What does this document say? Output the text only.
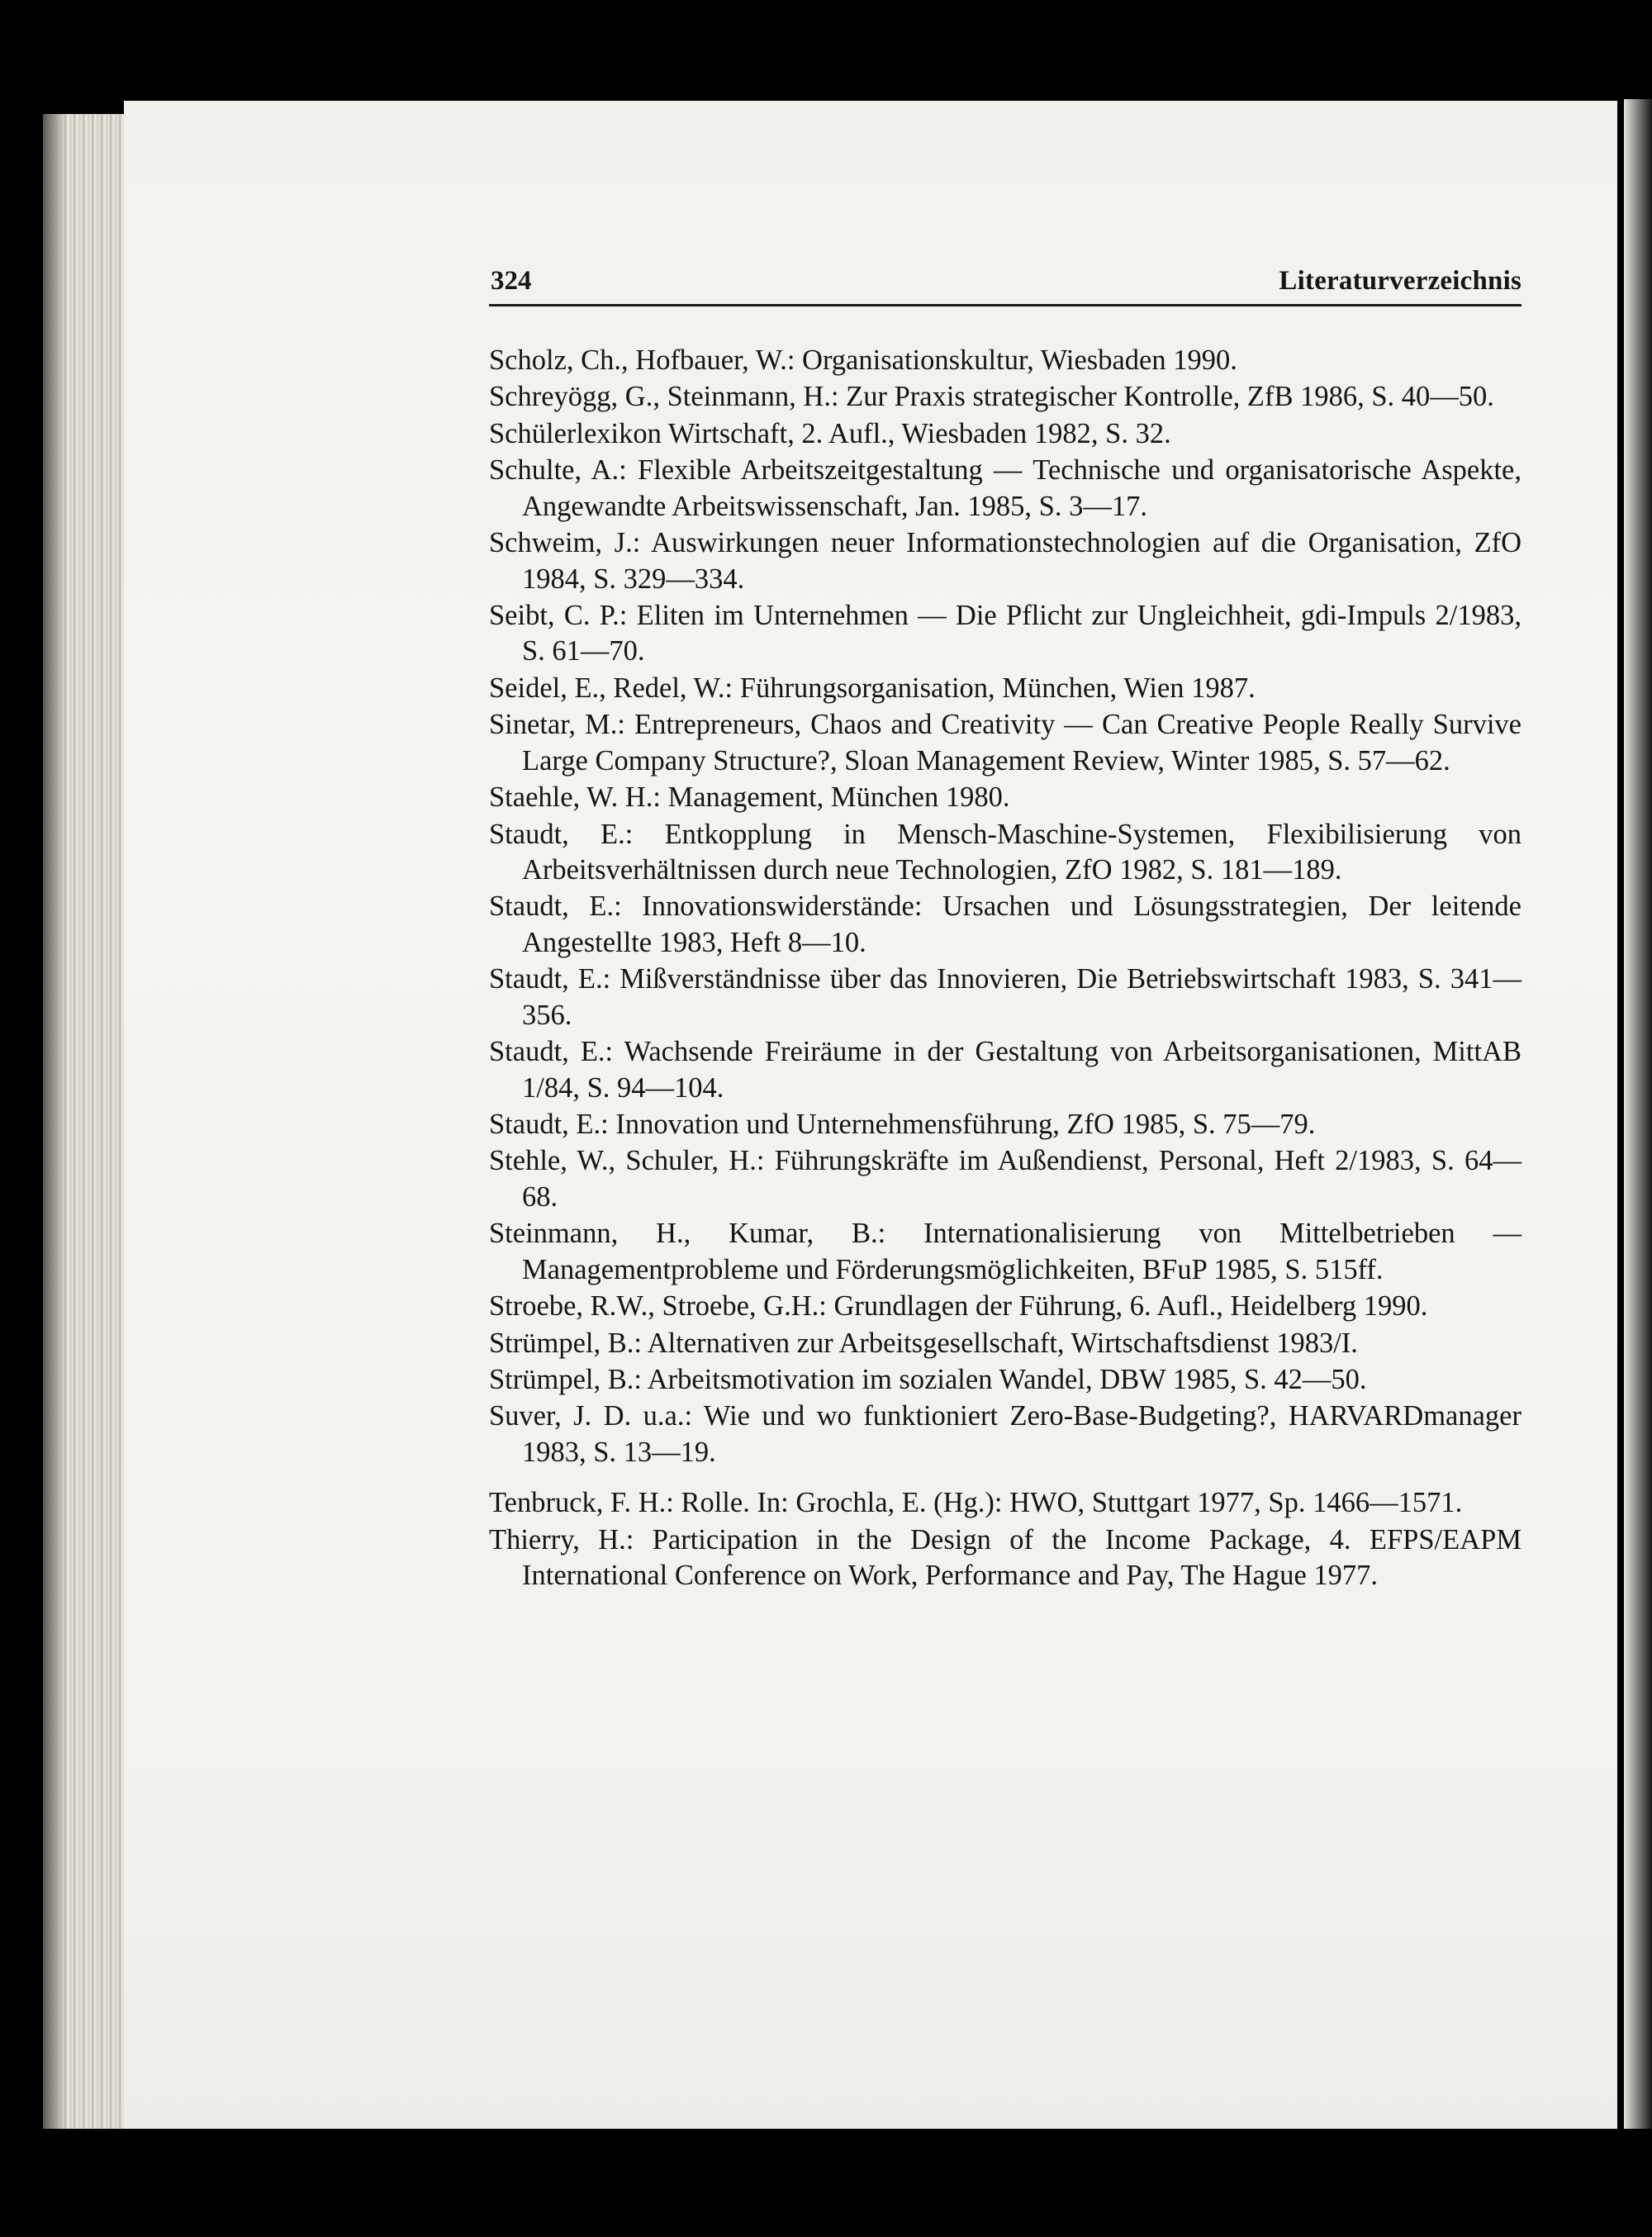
324	Literaturverzeichnis

Scholz, Ch., Hofbauer, W.: Organisationskultur, Wiesbaden 1990.

Schreyögg, G., Steinmann, H.: Zur Praxis strategischer Kontrolle, ZfB 1986, S. 40—50.

Schülerlexikon Wirtschaft, 2. Aufl., Wiesbaden 1982, S. 32.

Schulte, A.: Flexible Arbeitszeitgestaltung — Technische und organisatorische Aspekte, Angewandte Arbeitswissenschaft, Jan. 1985, S. 3—17.

Schweim, J.: Auswirkungen neuer Informationstechnologien auf die Organisation, ZfO 1984, S. 329—334.

Seibt, C. P.: Eliten im Unternehmen — Die Pflicht zur Ungleichheit, gdi-Impuls 2/1983, S. 61—70.

Seidel, E., Redel, W.: Führungsorganisation, München, Wien 1987.

Sinetar, M.: Entrepreneurs, Chaos and Creativity — Can Creative People Really Survive Large Company Structure?, Sloan Management Review, Winter 1985, S. 57—62.

Staehle, W. H.: Management, München 1980.

Staudt, E.: Entkopplung in Mensch-Maschine-Systemen, Flexibilisierung von Arbeitsverhältnissen durch neue Technologien, ZfO 1982, S. 181—189.

Staudt, E.: Innovationswiderstände: Ursachen und Lösungsstrategien, Der leitende Angestellte 1983, Heft 8—10.

Staudt, E.: Mißverständnisse über das Innovieren, Die Betriebswirtschaft 1983, S. 341—356.

Staudt, E.: Wachsende Freiräume in der Gestaltung von Arbeitsorganisationen, MittAB 1/84, S. 94—104.

Staudt, E.: Innovation und Unternehmensführung, ZfO 1985, S. 75—79.

Stehle, W., Schuler, H.: Führungskräfte im Außendienst, Personal, Heft 2/1983, S. 64—68.

Steinmann, H., Kumar, B.: Internationalisierung von Mittelbetrieben — Managementprobleme und Förderungsmöglichkeiten, BFuP 1985, S. 515ff.

Stroebe, R.W., Stroebe, G.H.: Grundlagen der Führung, 6. Aufl., Heidelberg 1990.

Strümpel, B.: Alternativen zur Arbeitsgesellschaft, Wirtschaftsdienst 1983/I.

Strümpel, B.: Arbeitsmotivation im sozialen Wandel, DBW 1985, S. 42—50.

Suver, J. D. u.a.: Wie und wo funktioniert Zero-Base-Budgeting?, HARVARDmanager 1983, S. 13—19.

Tenbruck, F. H.: Rolle. In: Grochla, E. (Hg.): HWO, Stuttgart 1977, Sp. 1466—1571.

Thierry, H.: Participation in the Design of the Income Package, 4. EFPS/EAPM International Conference on Work, Performance and Pay, The Hague 1977.
